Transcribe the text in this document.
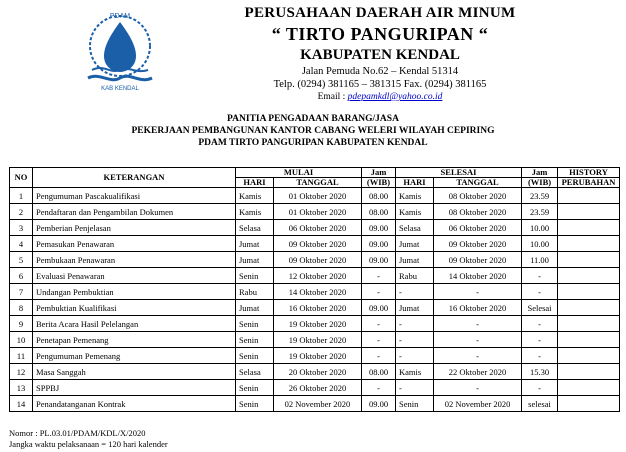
PDAM
KAB KENDAL
PERUSAHAAN DAERAH AIR MINUM
“ TIRTO PANGURIPAN “
KABUPATEN KENDAL
Jalan Pemuda No.62 – Kendal 51314
Telp. (0294) 381165 – 381315 Fax. (0294) 381165
Email : pdepamkdl@yahoo.co.id
PANITIA PENGADAAN BARANG/JASA
PEKERJAAN PEMBANGUNAN KANTOR CABANG WELERI WILAYAH CEPIRING
PDAM TIRTO PANGURIPAN KABUPATEN KENDAL
NO	KETERANGAN	MULAI		Jam	SELESAI		Jam	HISTORY
		HARI	TANGGAL	(WIB)	HARI	TANGGAL	(WIB)	PERUBAHAN
1	Pengumuman Pascakualifikasi	Kamis	01 Oktober 2020	08.00	Kamis	08 Oktober 2020	23.59	
2	Pendaftaran dan Pengambilan Dokumen	Kamis	01 Oktober 2020	08.00	Kamis	08 Oktober 2020	23.59	
3	Pemberian Penjelasan	Selasa	06 Oktober 2020	09.00	Selasa	06 Oktober 2020	10.00	
4	Pemasukan Penawaran	Jumat	09 Oktober 2020	09.00	Jumat	09 Oktober 2020	10.00	
5	Pembukaan Penawaran	Jumat	09 Oktober 2020	09.00	Jumat	09 Oktober 2020	11.00	
6	Evaluasi Penawaran	Senin	12 Oktober 2020	-	Rabu	14 Oktober 2020	-	
7	Undangan Pembuktian	Rabu	14 Oktober 2020	-	-	-	-	
8	Pembuktian Kualifikasi	Jumat	16 Oktober 2020	09.00	Jumat	16 Oktober 2020	Selesai	
9	Berita Acara Hasil Pelelangan	Senin	19 Oktober 2020	-	-	-	-	
10	Penetapan Pemenang	Senin	19 Oktober 2020	-	-	-	-	
11	Pengumuman Pemenang	Senin	19 Oktober 2020	-	-	-	-	
12	Masa Sanggah	Selasa	20 Oktober 2020	08.00	Kamis	22 Oktober 2020	15.30	
13	SPPBJ	Senin	26 Oktober 2020	-	-	-	-	
14	Penandatanganan Kontrak	Senin	02 November 2020	09.00	Senin	02 November 2020	selesai	
Nomor : PL.03.01/PDAM/KDL/X/2020
Jangka waktu pelaksanaan = 120 hari kalender
